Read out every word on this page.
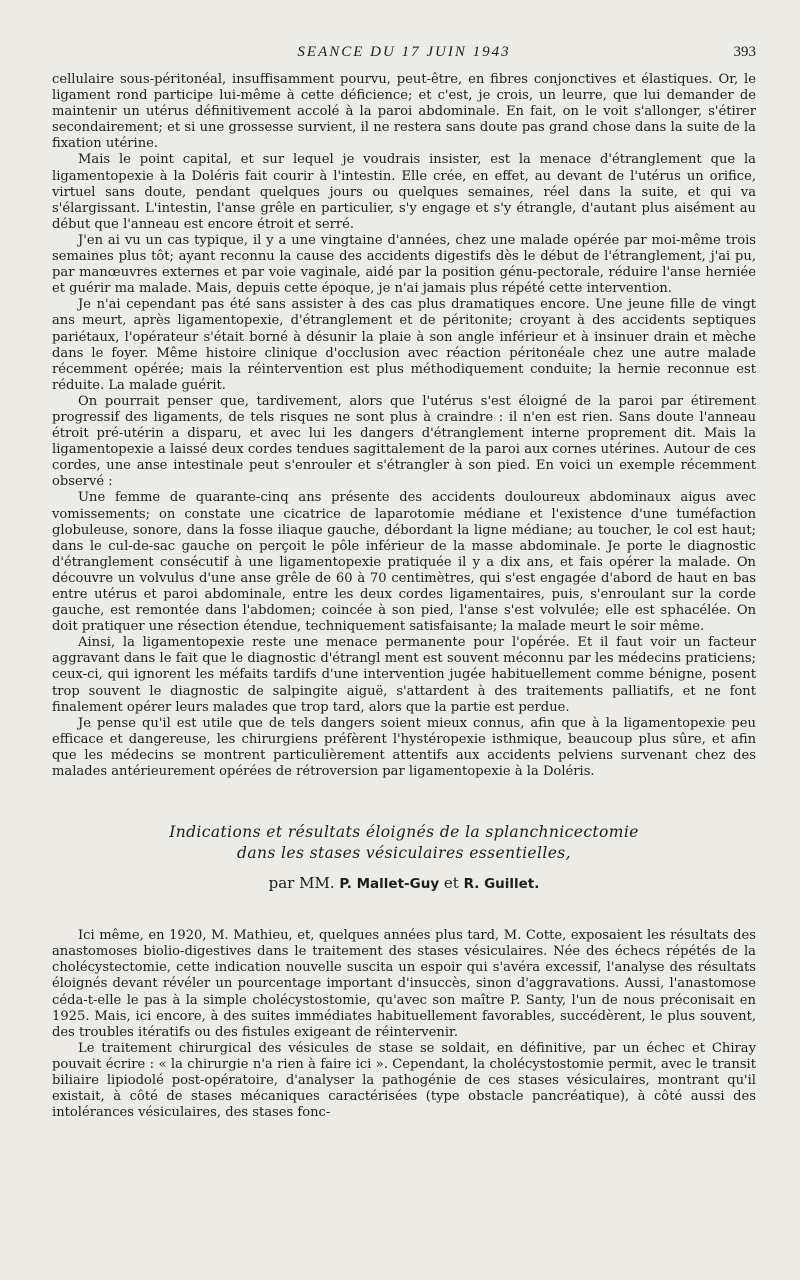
SEANCE DU 17 JUIN 1943	393

cellulaire sous-péritonéal, insuffisamment pourvu, peut-être, en fibres conjonctives et élastiques. Or, le ligament rond participe lui-même à cette déficience; et c'est, je crois, un leurre, que lui demander de maintenir un utérus définitivement accolé à la paroi abdominale. En fait, on le voit s'allonger, s'étirer secondairement; et si une grossesse survient, il ne restera sans doute pas grand chose dans la suite de la fixation utérine.

Mais le point capital, et sur lequel je voudrais insister, est la menace d'étranglement que la ligamentopexie à la Doléris fait courir à l'intestin. Elle crée, en effet, au devant de l'utérus un orifice, virtuel sans doute, pendant quelques jours ou quelques semaines, réel dans la suite, et qui va s'élargissant. L'intestin, l'anse grêle en particulier, s'y engage et s'y étrangle, d'autant plus aisément au début que l'anneau est encore étroit et serré.

J'en ai vu un cas typique, il y a une vingtaine d'années, chez une malade opérée par moi-même trois semaines plus tôt; ayant reconnu la cause des accidents digestifs dès le début de l'étranglement, j'ai pu, par manœuvres externes et par voie vaginale, aidé par la position génu-pectorale, réduire l'anse herniée et guérir ma malade. Mais, depuis cette époque, je n'ai jamais plus répété cette intervention.

Je n'ai cependant pas été sans assister à des cas plus dramatiques encore. Une jeune fille de vingt ans meurt, après ligamentopexie, d'étranglement et de péritonite; croyant à des accidents septiques pariétaux, l'opérateur s'était borné à désunir la plaie à son angle inférieur et à insinuer drain et mèche dans le foyer. Même histoire clinique d'occlusion avec réaction péritonéale chez une autre malade récemment opérée; mais la réintervention est plus méthodiquement conduite; la hernie reconnue est réduite. La malade guérit.

On pourrait penser que, tardivement, alors que l'utérus s'est éloigné de la paroi par étirement progressif des ligaments, de tels risques ne sont plus à craindre : il n'en est rien. Sans doute l'anneau étroit pré-utérin a disparu, et avec lui les dangers d'étranglement interne proprement dit. Mais la ligamentopexie a laissé deux cordes tendues sagittalement de la paroi aux cornes utérines. Autour de ces cordes, une anse intestinale peut s'enrouler et s'étrangler à son pied. En voici un exemple récemment observé :

Une femme de quarante-cinq ans présente des accidents douloureux abdominaux aigus avec vomissements; on constate une cicatrice de laparotomie médiane et l'existence d'une tuméfaction globuleuse, sonore, dans la fosse iliaque gauche, débordant la ligne médiane; au toucher, le col est haut; dans le cul-de-sac gauche on perçoit le pôle inférieur de la masse abdominale. Je porte le diagnostic d'étranglement consécutif à une ligamentopexie pratiquée il y a dix ans, et fais opérer la malade. On découvre un volvulus d'une anse grêle de 60 à 70 centimètres, qui s'est engagée d'abord de haut en bas entre utérus et paroi abdominale, entre les deux cordes ligamentaires, puis, s'enroulant sur la corde gauche, est remontée dans l'abdomen; coincée à son pied, l'anse s'est volvulée; elle est sphacélée. On doit pratiquer une résection étendue, techniquement satisfaisante; la malade meurt le soir même.

Ainsi, la ligamentopexie reste une menace permanente pour l'opérée. Et il faut voir un facteur aggravant dans le fait que le diagnostic d'étrangl ment est souvent méconnu par les médecins praticiens; ceux-ci, qui ignorent les méfaits tardifs d'une intervention jugée habituellement comme bénigne, posent trop souvent le diagnostic de salpingite aiguë, s'attardent à des traitements palliatifs, et ne font finalement opérer leurs malades que trop tard, alors que la partie est perdue.

Je pense qu'il est utile que de tels dangers soient mieux connus, afin que à la ligamentopexie peu efficace et dangereuse, les chirurgiens préfèrent l'hystéropexie isthmique, beaucoup plus sûre, et afin que les médecins se montrent particulièrement attentifs aux accidents pelviens survenant chez des malades antérieurement opérées de rétroversion par ligamentopexie à la Doléris.

Indications et résultats éloignés de la splanchnicectomie
dans les stases vésiculaires essentielles,
par MM. P. Mallet-Guy et R. Guillet.

Ici même, en 1920, M. Mathieu, et, quelques années plus tard, M. Cotte, exposaient les résultats des anastomoses biolio-digestives dans le traitement des stases vésiculaires. Née des échecs répétés de la cholécystectomie, cette indication nouvelle suscita un espoir qui s'avéra excessif, l'analyse des résultats éloignés devant révéler un pourcentage important d'insuccès, sinon d'aggravations. Aussi, l'anastomose céda-t-elle le pas à la simple cholécystostomie, qu'avec son maître P. Santy, l'un de nous préconisait en 1925. Mais, ici encore, à des suites immédiates habituellement favorables, succédèrent, le plus souvent, des troubles itératifs ou des fistules exigeant de réintervenir.

Le traitement chirurgical des vésicules de stase se soldait, en définitive, par un échec et Chiray pouvait écrire : « la chirurgie n'a rien à faire ici ». Cependant, la cholécystostomie permit, avec le transit biliaire lipiodolé post-opératoire, d'analyser la pathogénie de ces stases vésiculaires, montrant qu'il existait, à côté de stases mécaniques caractérisées (type obstacle pancréatique), à côté aussi des intolérances vésiculaires, des stases fonc-
